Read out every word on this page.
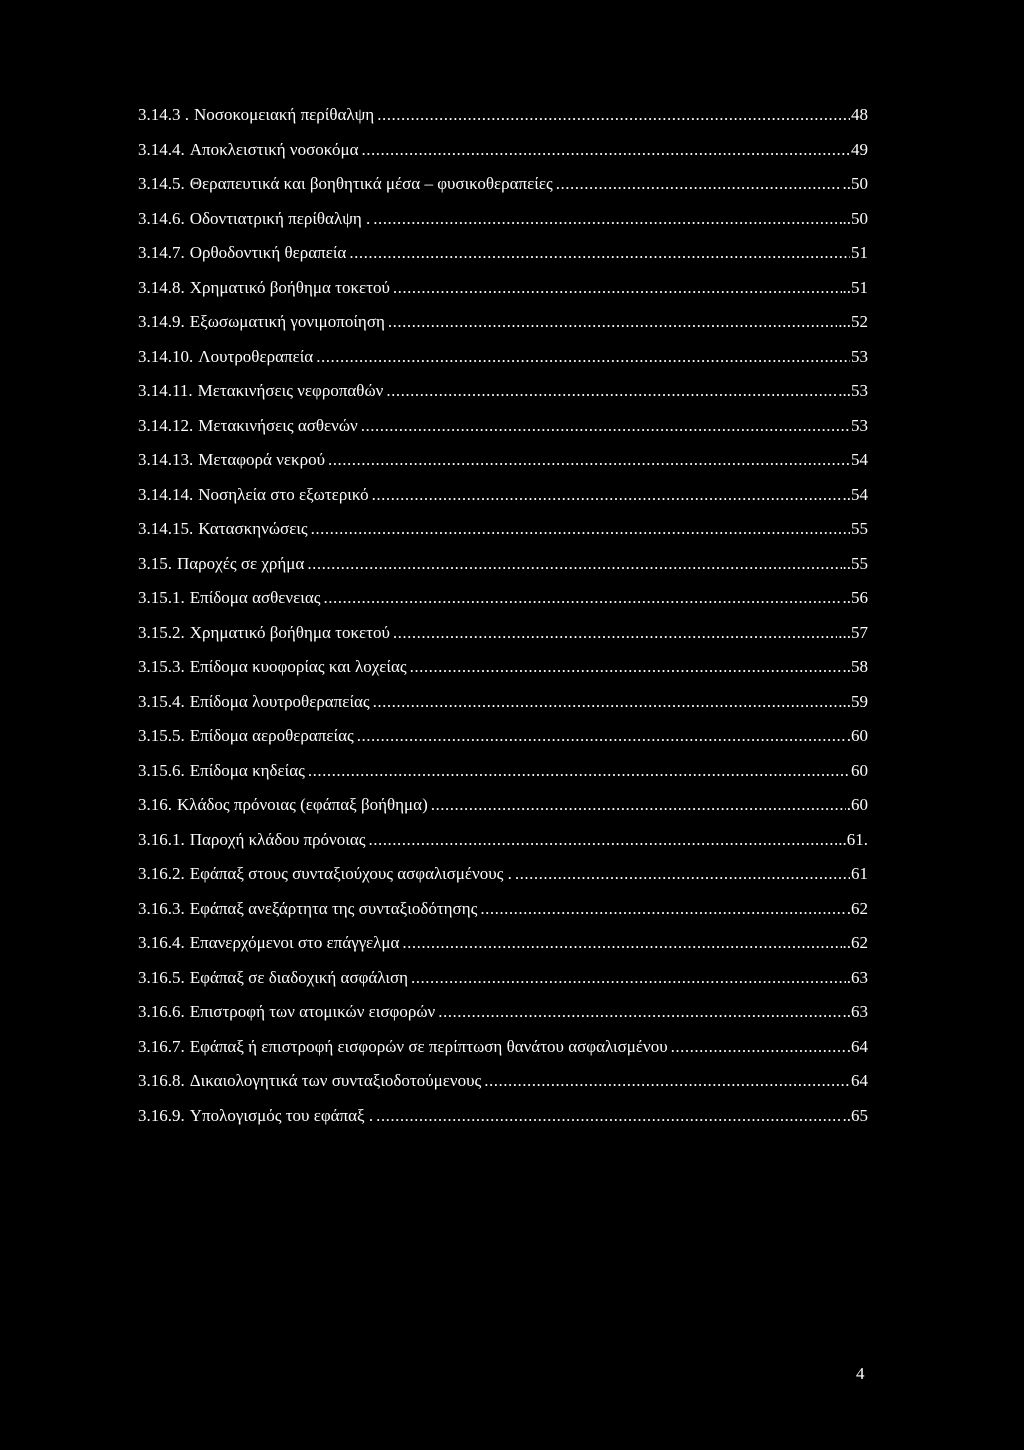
3.14.3 . Νοσοκομειακή περίθαλψη .....	48
3.14.4. Αποκλειστική νοσοκόμα .....	49
3.14.5. Θεραπευτικά και βοηθητικά μέσα – φυσικοθεραπείες .....	..50
3.14.6. Οδοντιατρική περίθαλψη . .....	..50
3.14.7. Ορθοδοντική θεραπεία .....	51
3.14.8. Χρηματικό βοήθημα τοκετού .....	..51
3.14.9. Εξωσωματική γονιμοποίηση .....	...52
3.14.10. Λουτροθεραπεία .....	53
3.14.11. Μετακινήσεις νεφροπαθών .....	...53
3.14.12. Μετακινήσεις ασθενών .....	53
3.14.13. Μεταφορά νεκρού .....	54
3.14.14. Νοσηλεία στο εξωτερικό .....	..54
3.14.15. Κατασκηνώσεις .....	55
3.15. Παροχές σε χρήμα .....	..55
3.15.1. Επίδομα ασθενειας .....	..56
3.15.2. Χρηματικό βοήθημα τοκετού .....	...57
3.15.3. Επίδομα κυοφορίας και λοχείας .....	..58
3.15.4. Επίδομα λουτροθεραπείας .....	...59
3.15.5. Επίδομα αεροθεραπείας .....	.60
3.15.6. Επίδομα κηδείας .....	60
3.16. Κλάδος πρόνοιας (εφάπαξ βοήθημα) .....	.60
3.16.1. Παροχή κλάδου πρόνοιας .....	..61.
3.16.2. Εφάπαξ στους συνταξιούχους ασφαλισμένους . .....	61
3.16.3. Εφάπαξ ανεξάρτητα της συνταξιοδότησης .....	.62
3.16.4. Επανερχόμενοι στο επάγγελμα .....	..62
3.16.5. Εφάπαξ σε διαδοχική ασφάλιση .....	.63
3.16.6. Επιστροφή των ατομικών εισφορών .....	..63
3.16.7. Εφάπαξ ή επιστροφή εισφορών σε περίπτωση θανάτου ασφαλισμένου .....	.64
3.16.8. Δικαιολογητικά των συνταξιοδοτούμενους .....	64
3.16.9. Υπολογισμός του εφάπαξ . .....	..65
4
